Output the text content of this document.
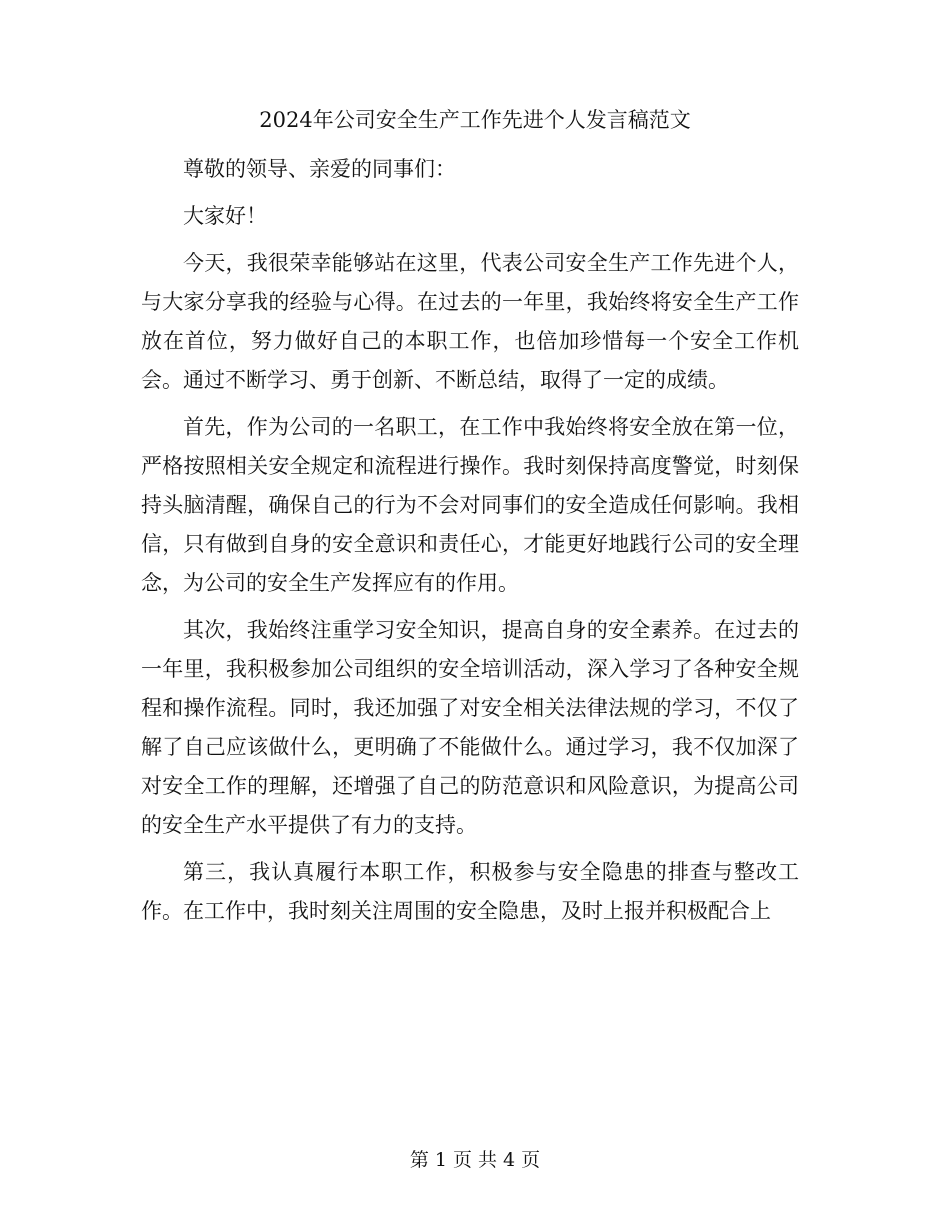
2024年公司安全生产工作先进个人发言稿范文

尊敬的领导、亲爱的同事们：

大家好！

今天，我很荣幸能够站在这里，代表公司安全生产工作先进个人，与大家分享我的经验与心得。在过去的一年里，我始终将安全生产工作放在首位，努力做好自己的本职工作，也倍加珍惜每一个安全工作机会。通过不断学习、勇于创新、不断总结，取得了一定的成绩。

首先，作为公司的一名职工，在工作中我始终将安全放在第一位，严格按照相关安全规定和流程进行操作。我时刻保持高度警觉，时刻保持头脑清醒，确保自己的行为不会对同事们的安全造成任何影响。我相信，只有做到自身的安全意识和责任心，才能更好地践行公司的安全理念，为公司的安全生产发挥应有的作用。

其次，我始终注重学习安全知识，提高自身的安全素养。在过去的一年里，我积极参加公司组织的安全培训活动，深入学习了各种安全规程和操作流程。同时，我还加强了对安全相关法律法规的学习，不仅了解了自己应该做什么，更明确了不能做什么。通过学习，我不仅加深了对安全工作的理解，还增强了自己的防范意识和风险意识，为提高公司的安全生产水平提供了有力的支持。

第三，我认真履行本职工作，积极参与安全隐患的排查与整改工作。在工作中，我时刻关注周围的安全隐患，及时上报并积极配合上

第 1 页 共 4 页
